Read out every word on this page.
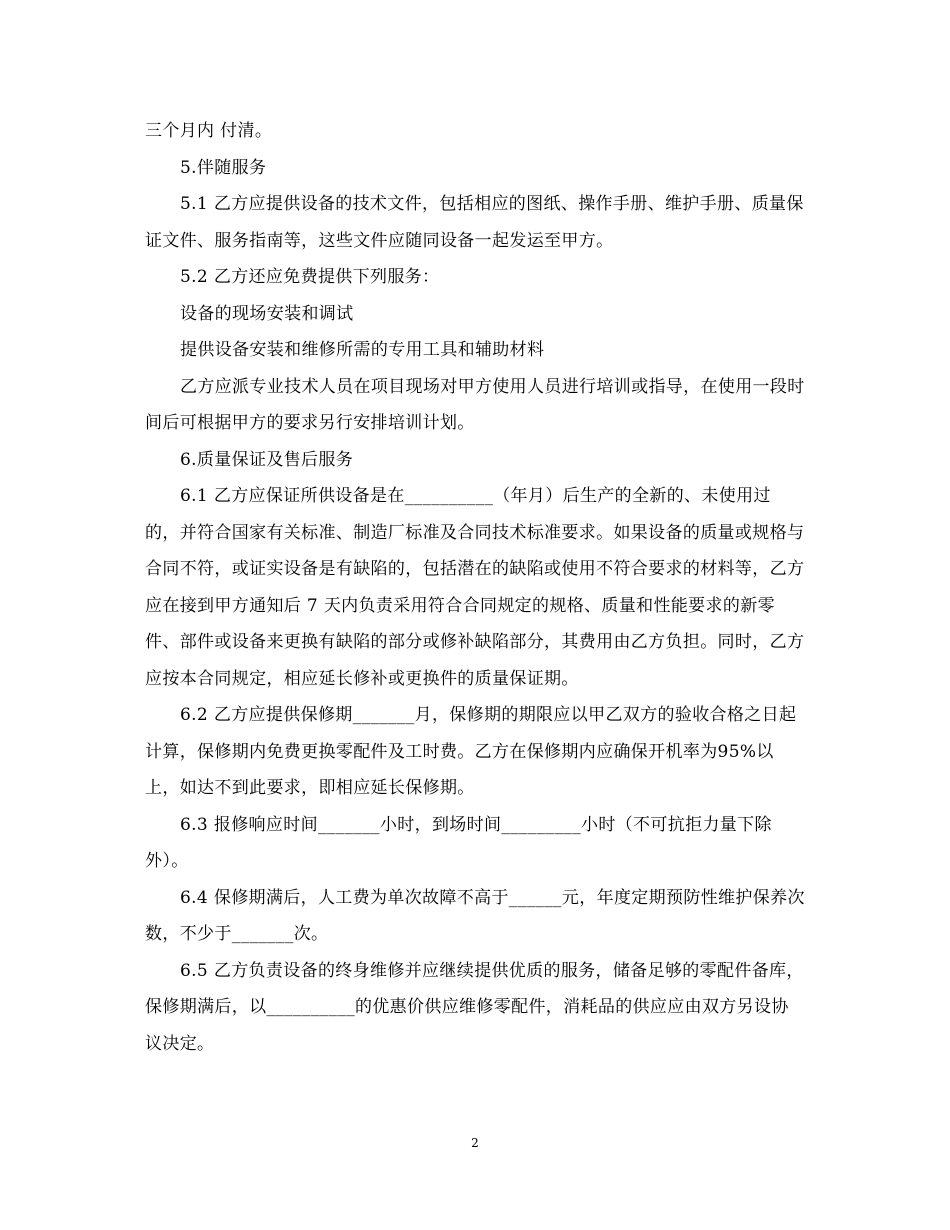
三个月内 付清。

5.伴随服务

5.1 乙方应提供设备的技术文件，包括相应的图纸、操作手册、维护手册、质量保证文件、服务指南等，这些文件应随同设备一起发运至甲方。

5.2 乙方还应免费提供下列服务：

设备的现场安装和调试

提供设备安装和维修所需的专用工具和辅助材料

乙方应派专业技术人员在项目现场对甲方使用人员进行培训或指导，在使用一段时间后可根据甲方的要求另行安排培训计划。

6.质量保证及售后服务

6.1 乙方应保证所供设备是在__________（年月）后生产的全新的、未使用过的，并符合国家有关标准、制造厂标准及合同技术标准要求。如果设备的质量或规格与合同不符，或证实设备是有缺陷的，包括潜在的缺陷或使用不符合要求的材料等，乙方应在接到甲方通知后 7 天内负责采用符合合同规定的规格、质量和性能要求的新零件、部件或设备来更换有缺陷的部分或修补缺陷部分，其费用由乙方负担。同时，乙方应按本合同规定，相应延长修补或更换件的质量保证期。

6.2 乙方应提供保修期_______月，保修期的期限应以甲乙双方的验收合格之日起计算，保修期内免费更换零配件及工时费。乙方在保修期内应确保开机率为95%以上，如达不到此要求，即相应延长保修期。

6.3 报修响应时间_______小时，到场时间_________小时（不可抗拒力量下除外）。

6.4 保修期满后，人工费为单次故障不高于______元，年度定期预防性维护保养次数，不少于_______次。

6.5 乙方负责设备的终身维修并应继续提供优质的服务，储备足够的零配件备库，保修期满后，以__________的优惠价供应维修零配件，消耗品的供应应由双方另设协议决定。

2
